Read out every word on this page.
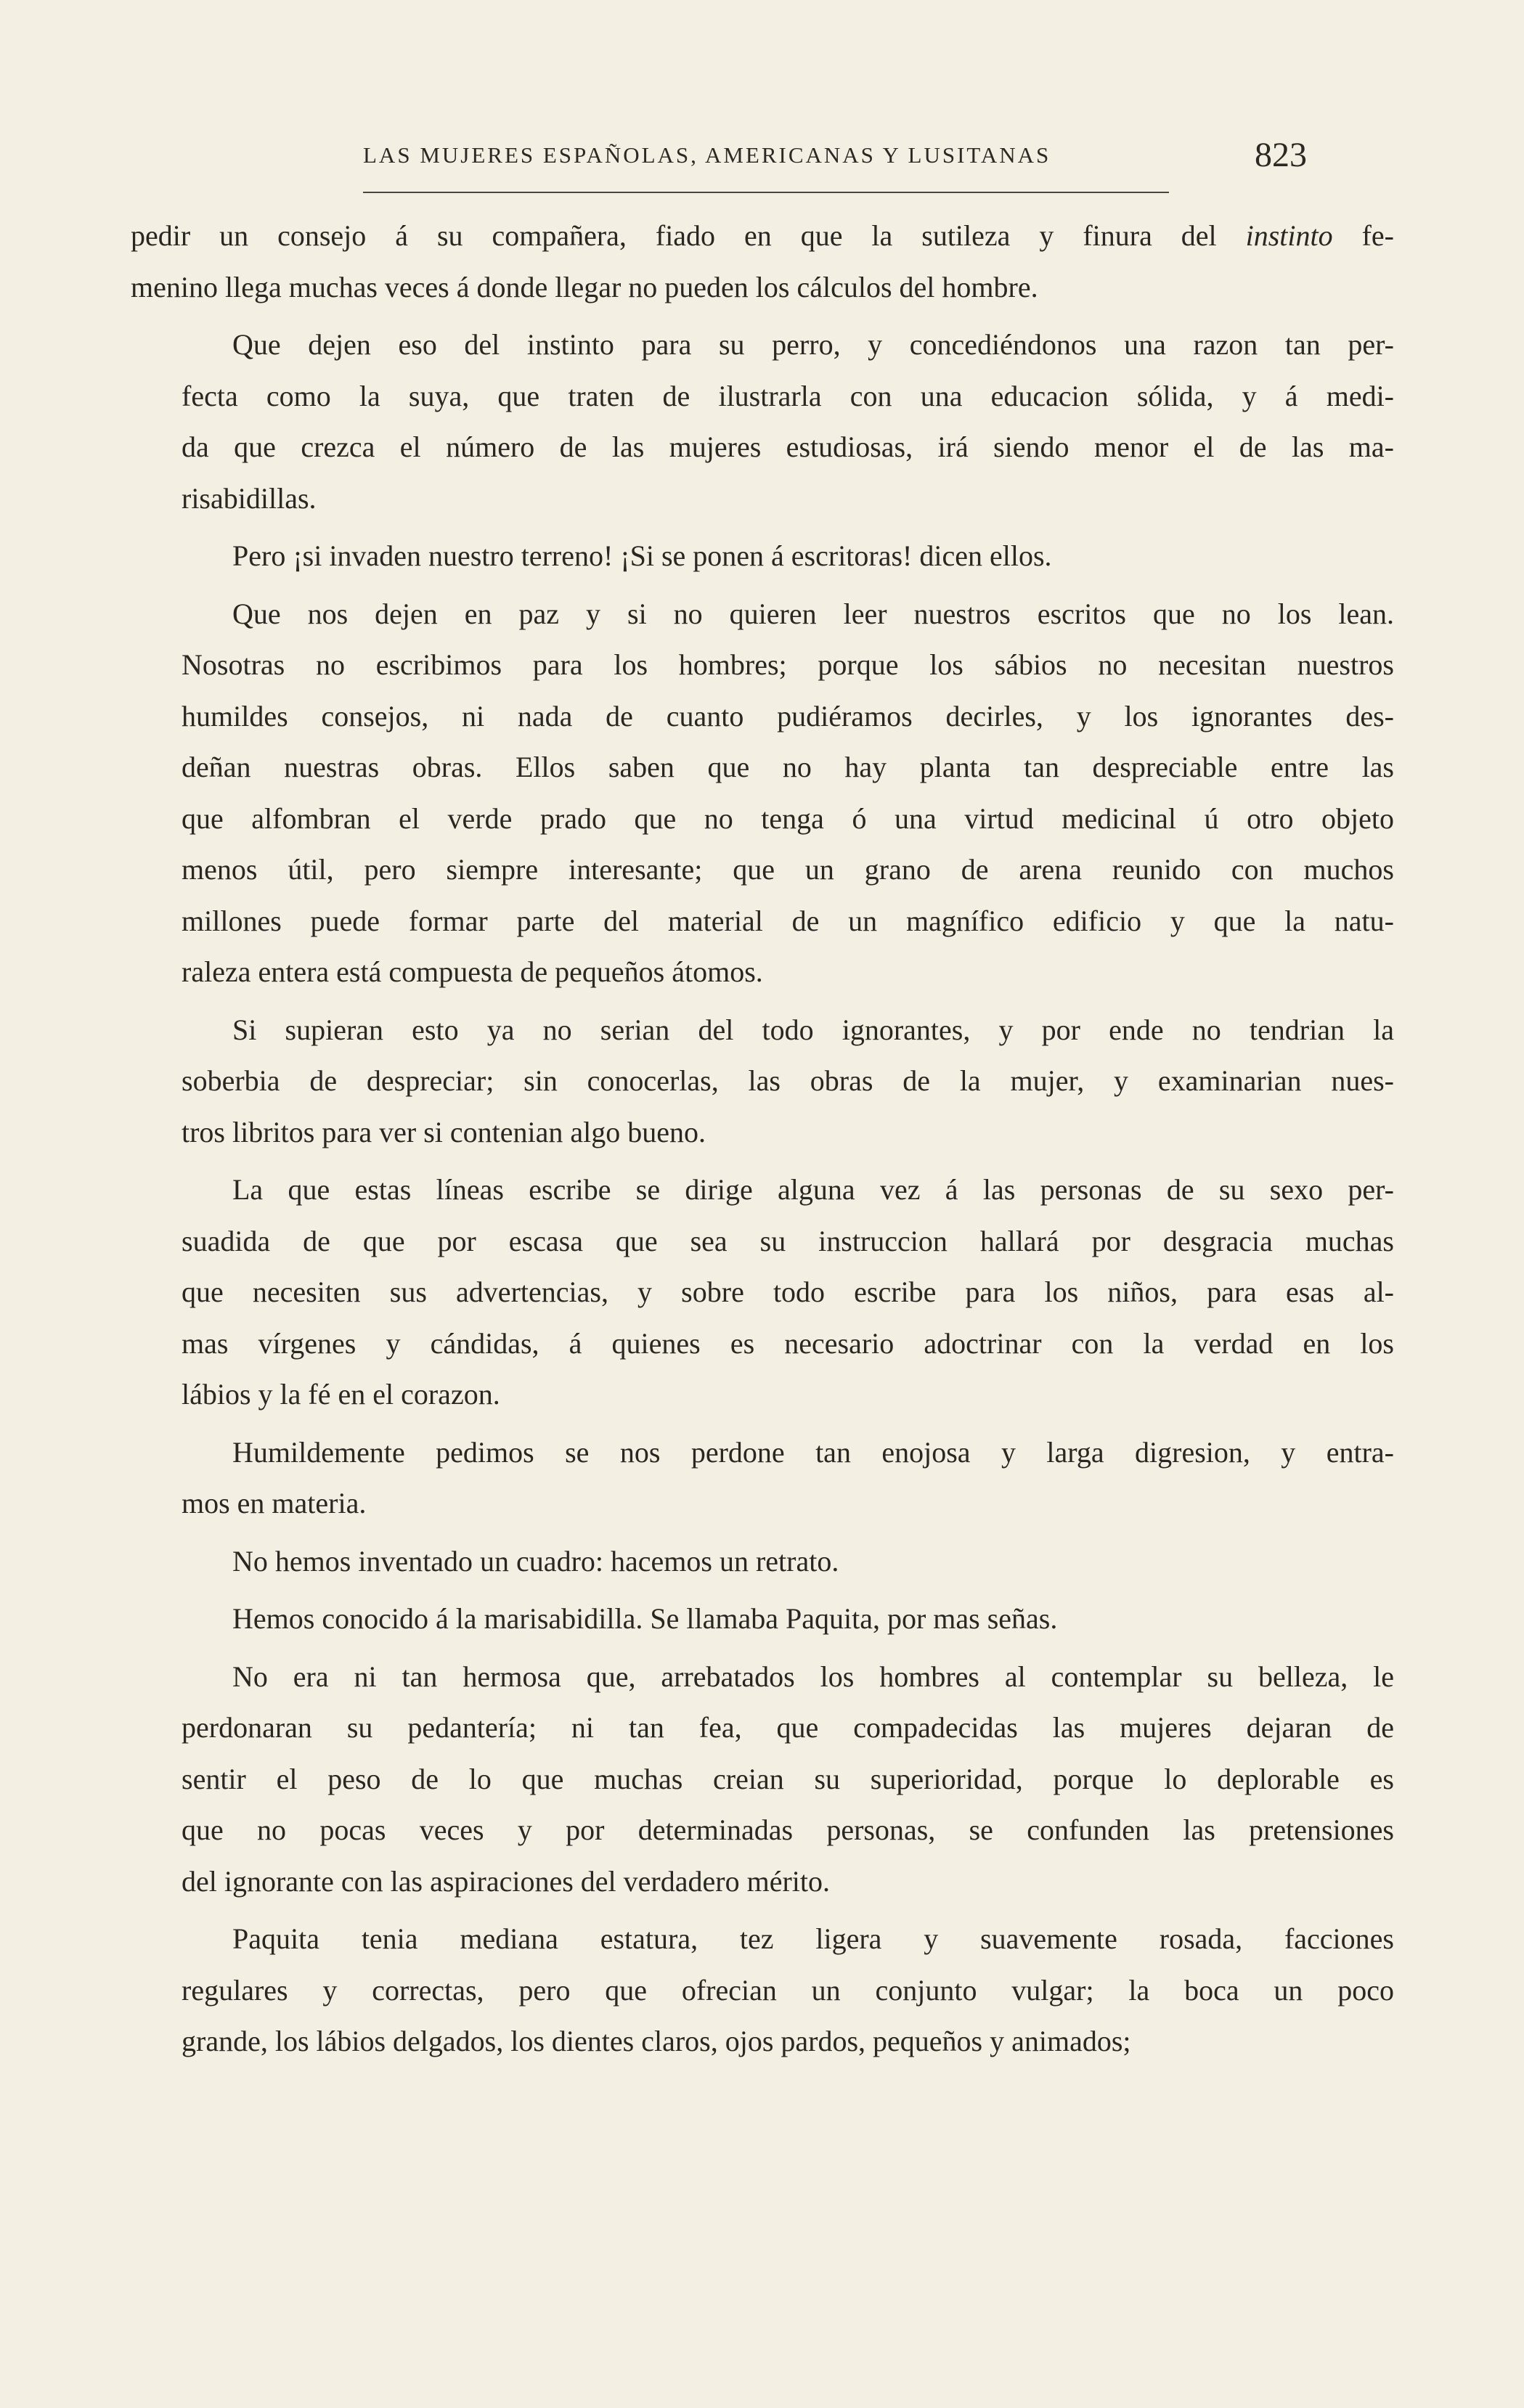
LAS MUJERES ESPAÑOLAS, AMERICANAS Y LUSITANAS	823

pedir un consejo á su compañera, fiado en que la sutileza y finura del instinto fe-
menino llega muchas veces á donde llegar no pueden los cálculos del hombre.

Que dejen eso del instinto para su perro, y concediéndonos una razon tan per-
fecta como la suya, que traten de ilustrarla con una educacion sólida, y á medi-
da que crezca el número de las mujeres estudiosas, irá siendo menor el de las ma-
risabidillas.

Pero ¡si invaden nuestro terreno! ¡Si se ponen á escritoras! dicen ellos.

Que nos dejen en paz y si no quieren leer nuestros escritos que no los lean.
Nosotras no escribimos para los hombres; porque los sábios no necesitan nuestros
humildes consejos, ni nada de cuanto pudiéramos decirles, y los ignorantes des-
deñan nuestras obras. Ellos saben que no hay planta tan despreciable entre las
que alfombran el verde prado que no tenga ó una virtud medicinal ú otro objeto
menos útil, pero siempre interesante; que un grano de arena reunido con muchos
millones puede formar parte del material de un magnífico edificio y que la natu-
raleza entera está compuesta de pequeños átomos.

Si supieran esto ya no serian del todo ignorantes, y por ende no tendrian la
soberbia de despreciar; sin conocerlas, las obras de la mujer, y examinarian nues-
tros libritos para ver si contenian algo bueno.

La que estas líneas escribe se dirige alguna vez á las personas de su sexo per-
suadida de que por escasa que sea su instruccion hallará por desgracia muchas
que necesiten sus advertencias, y sobre todo escribe para los niños, para esas al-
mas vírgenes y cándidas, á quienes es necesario adoctrinar con la verdad en los
lábios y la fé en el corazon.

Humildemente pedimos se nos perdone tan enojosa y larga digresion, y entra-
mos en materia.

No hemos inventado un cuadro: hacemos un retrato.

Hemos conocido á la marisabidilla. Se llamaba Paquita, por mas señas.

No era ni tan hermosa que, arrebatados los hombres al contemplar su belleza, le
perdonaran su pedantería; ni tan fea, que compadecidas las mujeres dejaran de
sentir el peso de lo que muchas creian su superioridad, porque lo deplorable es
que no pocas veces y por determinadas personas, se confunden las pretensiones
del ignorante con las aspiraciones del verdadero mérito.

Paquita tenia mediana estatura, tez ligera y suavemente rosada, facciones
regulares y correctas, pero que ofrecian un conjunto vulgar; la boca un poco
grande, los lábios delgados, los dientes claros, ojos pardos, pequeños y animados;
